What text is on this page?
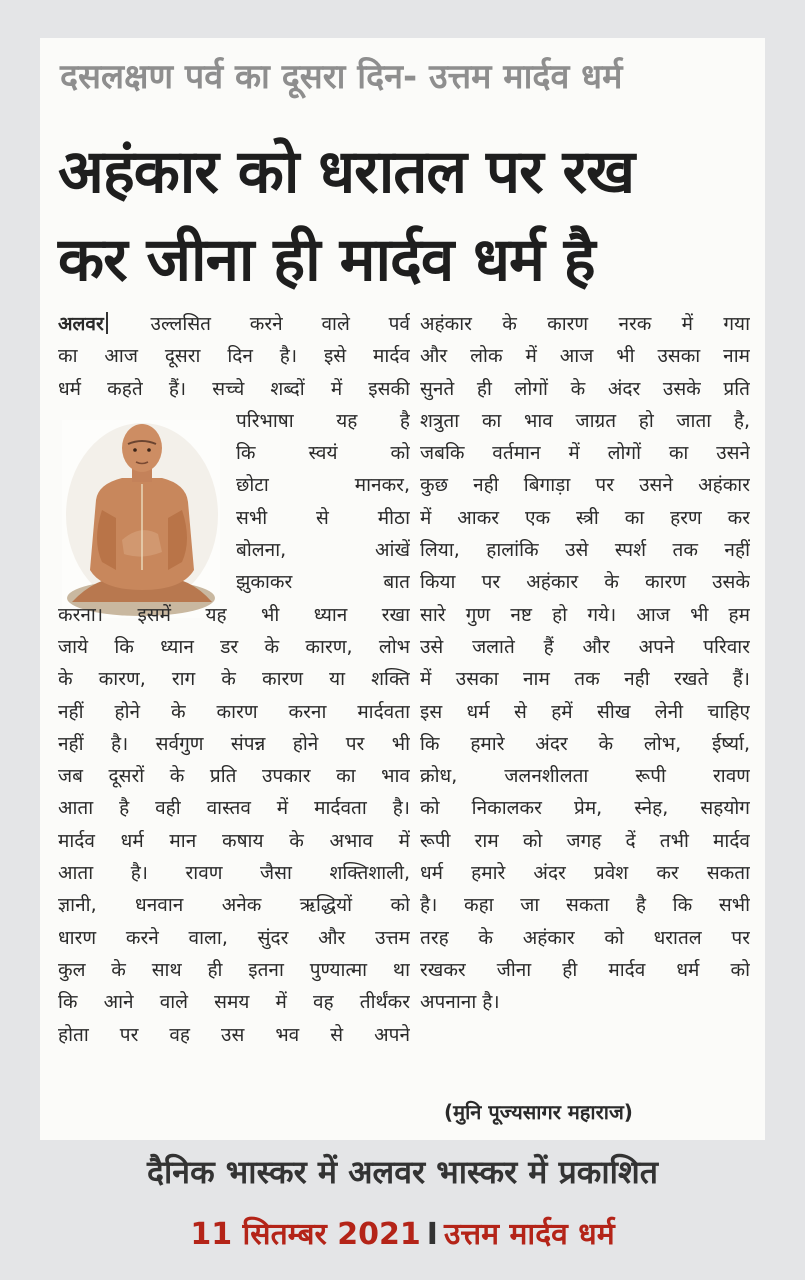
दसलक्षण पर्व का दूसरा दिन- उत्तम मार्दव धर्म
अहंकार को धरातल पर रख
कर जीना ही मार्दव धर्म है
अलवर उल्लसित करने वाले पर्व
का आज दूसरा दिन है। इसे मार्दव
धर्म कहते हैं। सच्चे शब्दों में इसकी
परिभाषा यह है
कि स्वयं को
छोटा मानकर,
सभी से मीठा
बोलना, आंखें
झुकाकर बात
करना। इसमें यह भी ध्यान रखा
जाये कि ध्यान डर के कारण, लोभ
के कारण, राग के कारण या शक्ति
नहीं होने के कारण करना मार्दवता
नहीं है। सर्वगुण संपन्न होने पर भी
जब दूसरों के प्रति उपकार का भाव
आता है वही वास्तव में मार्दवता है।
मार्दव धर्म मान कषाय के अभाव में
आता है। रावण जैसा शक्तिशाली,
ज्ञानी, धनवान अनेक ऋद्धियों को
धारण करने वाला, सुंदर और उत्तम
कुल के साथ ही इतना पुण्यात्मा था
कि आने वाले समय में वह तीर्थंकर
होता पर वह उस भव से अपने
अहंकार के कारण नरक में गया
और लोक में आज भी उसका नाम
सुनते ही लोगों के अंदर उसके प्रति
शत्रुता का भाव जाग्रत हो जाता है,
जबकि वर्तमान में लोगों का उसने
कुछ नही बिगाड़ा पर उसने अहंकार
में आकर एक स्त्री का हरण कर
लिया, हालांकि उसे स्पर्श तक नहीं
किया पर अहंकार के कारण उसके
सारे गुण नष्ट हो गये। आज भी हम
उसे जलाते हैं और अपने परिवार
में उसका नाम तक नही रखते हैं।
इस धर्म से हमें सीख लेनी चाहिए
कि हमारे अंदर के लोभ, ईर्ष्या,
क्रोध, जलनशीलता रूपी रावण
को निकालकर प्रेम, स्नेह, सहयोग
रूपी राम को जगह दें तभी मार्दव
धर्म हमारे अंदर प्रवेश कर सकता
है। कहा जा सकता है कि सभी
तरह के अहंकार को धरातल पर
रखकर जीना ही मार्दव धर्म को
अपनाना है।
(मुनि पूज्यसागर महाराज)
दैनिक भास्कर में अलवर भास्कर में प्रकाशित
11 सितम्बर 2021 I उत्तम मार्दव धर्म
